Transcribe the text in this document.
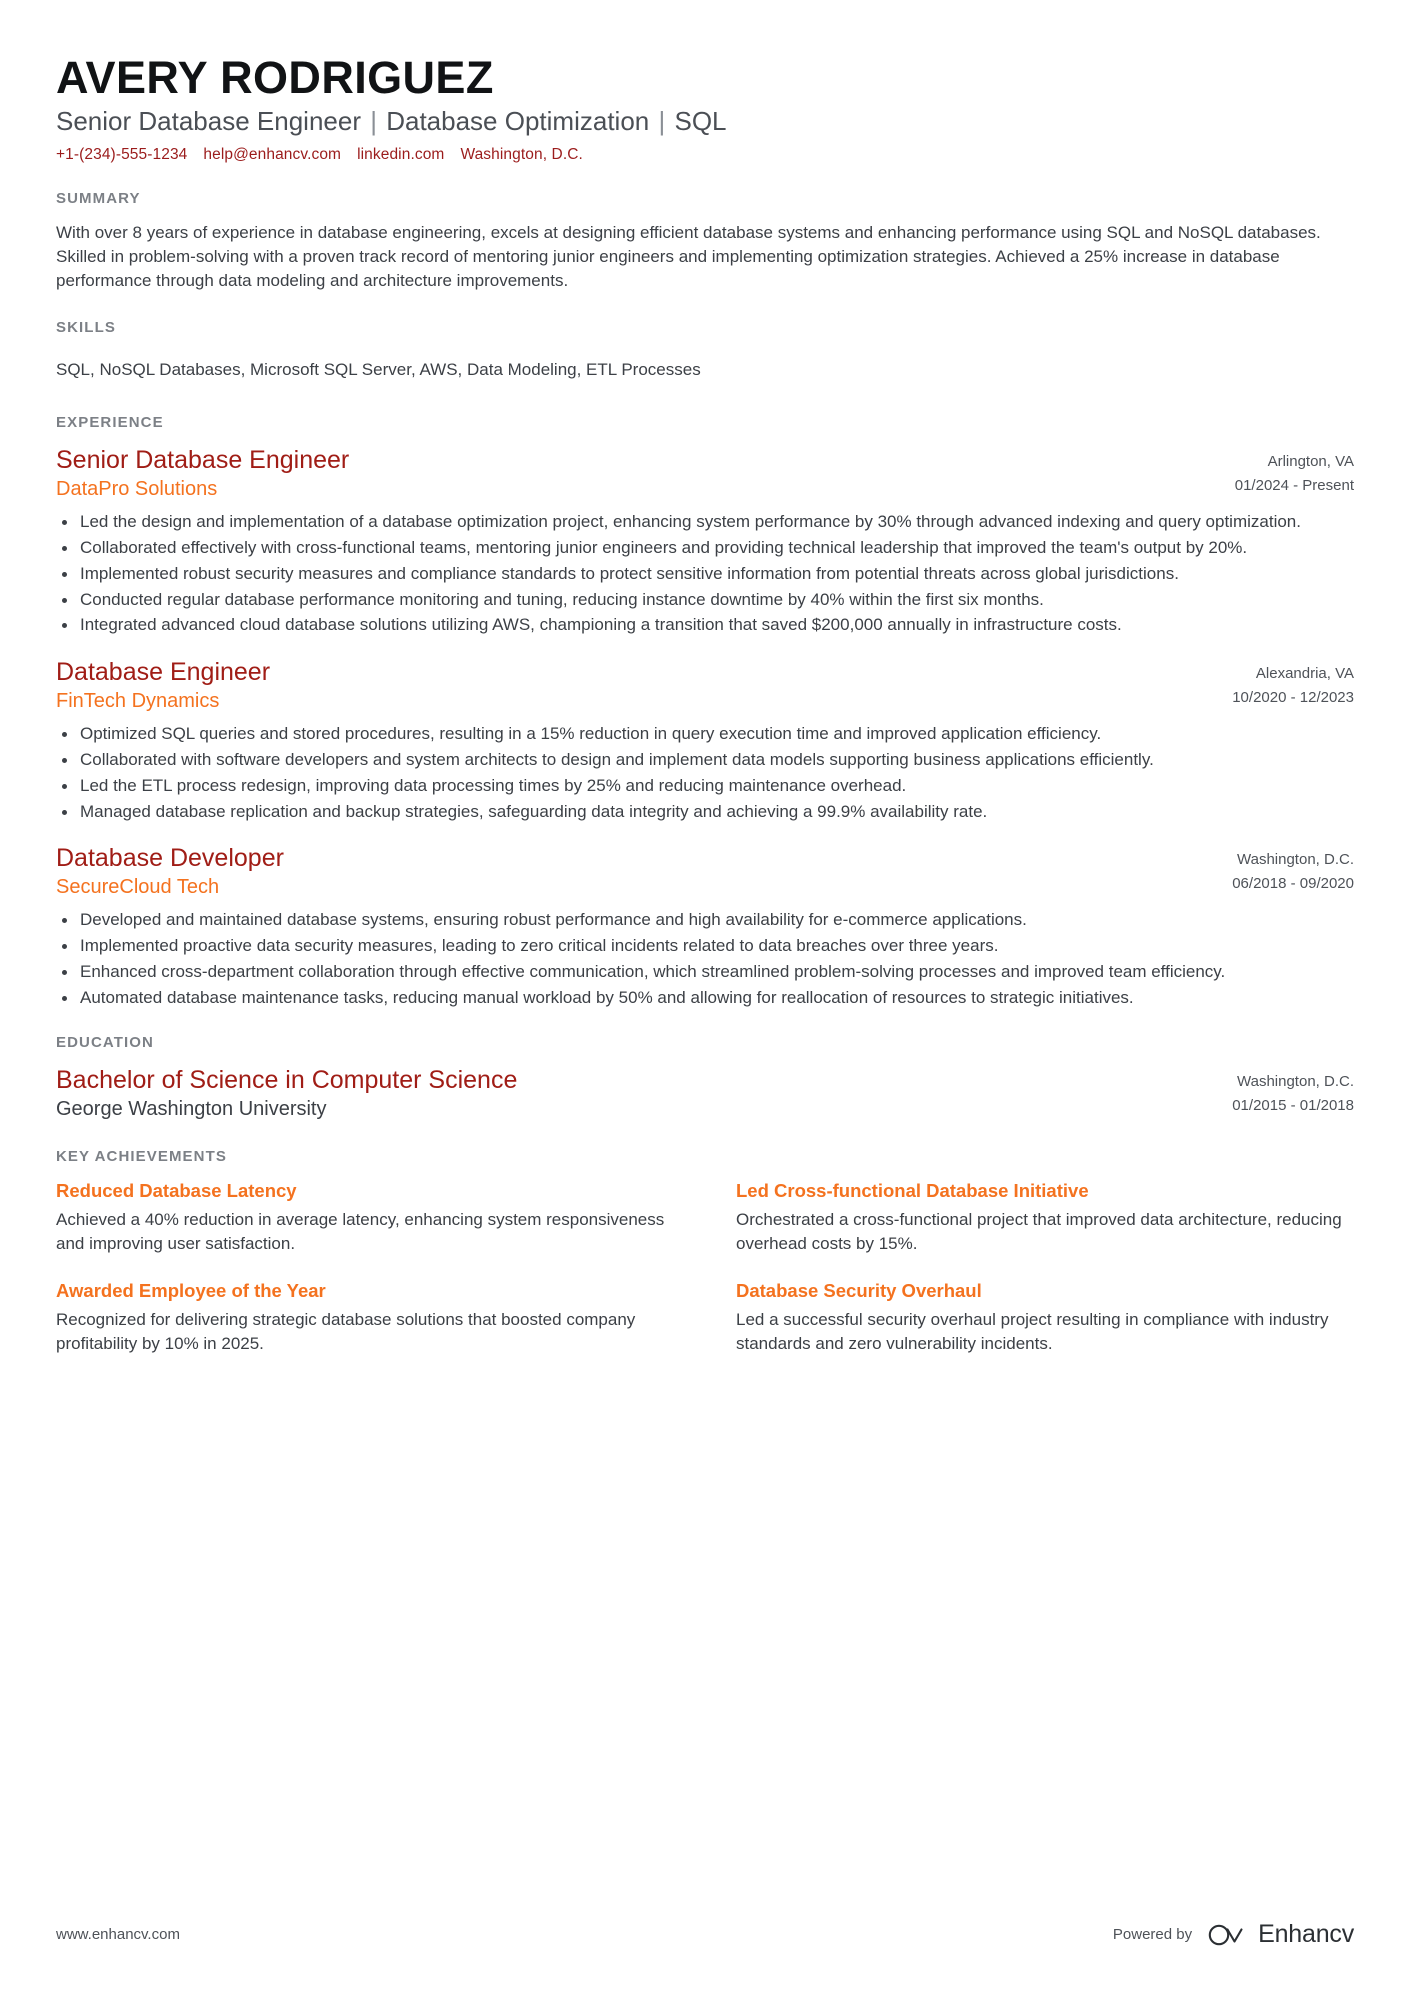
AVERY RODRIGUEZ
Senior Database Engineer | Database Optimization | SQL
+1-(234)-555-1234 help@enhancv.com linkedin.com Washington, D.C.
SUMMARY
With over 8 years of experience in database engineering, excels at designing efficient database systems and enhancing performance using SQL and NoSQL databases. Skilled in problem-solving with a proven track record of mentoring junior engineers and implementing optimization strategies. Achieved a 25% increase in database performance through data modeling and architecture improvements.
SKILLS
SQL, NoSQL Databases, Microsoft SQL Server, AWS, Data Modeling, ETL Processes
EXPERIENCE
Senior Database Engineer
DataPro Solutions
Arlington, VA
01/2024 - Present
Led the design and implementation of a database optimization project, enhancing system performance by 30% through advanced indexing and query optimization.
Collaborated effectively with cross-functional teams, mentoring junior engineers and providing technical leadership that improved the team's output by 20%.
Implemented robust security measures and compliance standards to protect sensitive information from potential threats across global jurisdictions.
Conducted regular database performance monitoring and tuning, reducing instance downtime by 40% within the first six months.
Integrated advanced cloud database solutions utilizing AWS, championing a transition that saved $200,000 annually in infrastructure costs.
Database Engineer
FinTech Dynamics
Alexandria, VA
10/2020 - 12/2023
Optimized SQL queries and stored procedures, resulting in a 15% reduction in query execution time and improved application efficiency.
Collaborated with software developers and system architects to design and implement data models supporting business applications efficiently.
Led the ETL process redesign, improving data processing times by 25% and reducing maintenance overhead.
Managed database replication and backup strategies, safeguarding data integrity and achieving a 99.9% availability rate.
Database Developer
SecureCloud Tech
Washington, D.C.
06/2018 - 09/2020
Developed and maintained database systems, ensuring robust performance and high availability for e-commerce applications.
Implemented proactive data security measures, leading to zero critical incidents related to data breaches over three years.
Enhanced cross-department collaboration through effective communication, which streamlined problem-solving processes and improved team efficiency.
Automated database maintenance tasks, reducing manual workload by 50% and allowing for reallocation of resources to strategic initiatives.
EDUCATION
Bachelor of Science in Computer Science
George Washington University
Washington, D.C.
01/2015 - 01/2018
KEY ACHIEVEMENTS
Reduced Database Latency
Achieved a 40% reduction in average latency, enhancing system responsiveness and improving user satisfaction.
Led Cross-functional Database Initiative
Orchestrated a cross-functional project that improved data architecture, reducing overhead costs by 15%.
Awarded Employee of the Year
Recognized for delivering strategic database solutions that boosted company profitability by 10% in 2025.
Database Security Overhaul
Led a successful security overhaul project resulting in compliance with industry standards and zero vulnerability incidents.
www.enhancv.com	Powered by	Enhancv
